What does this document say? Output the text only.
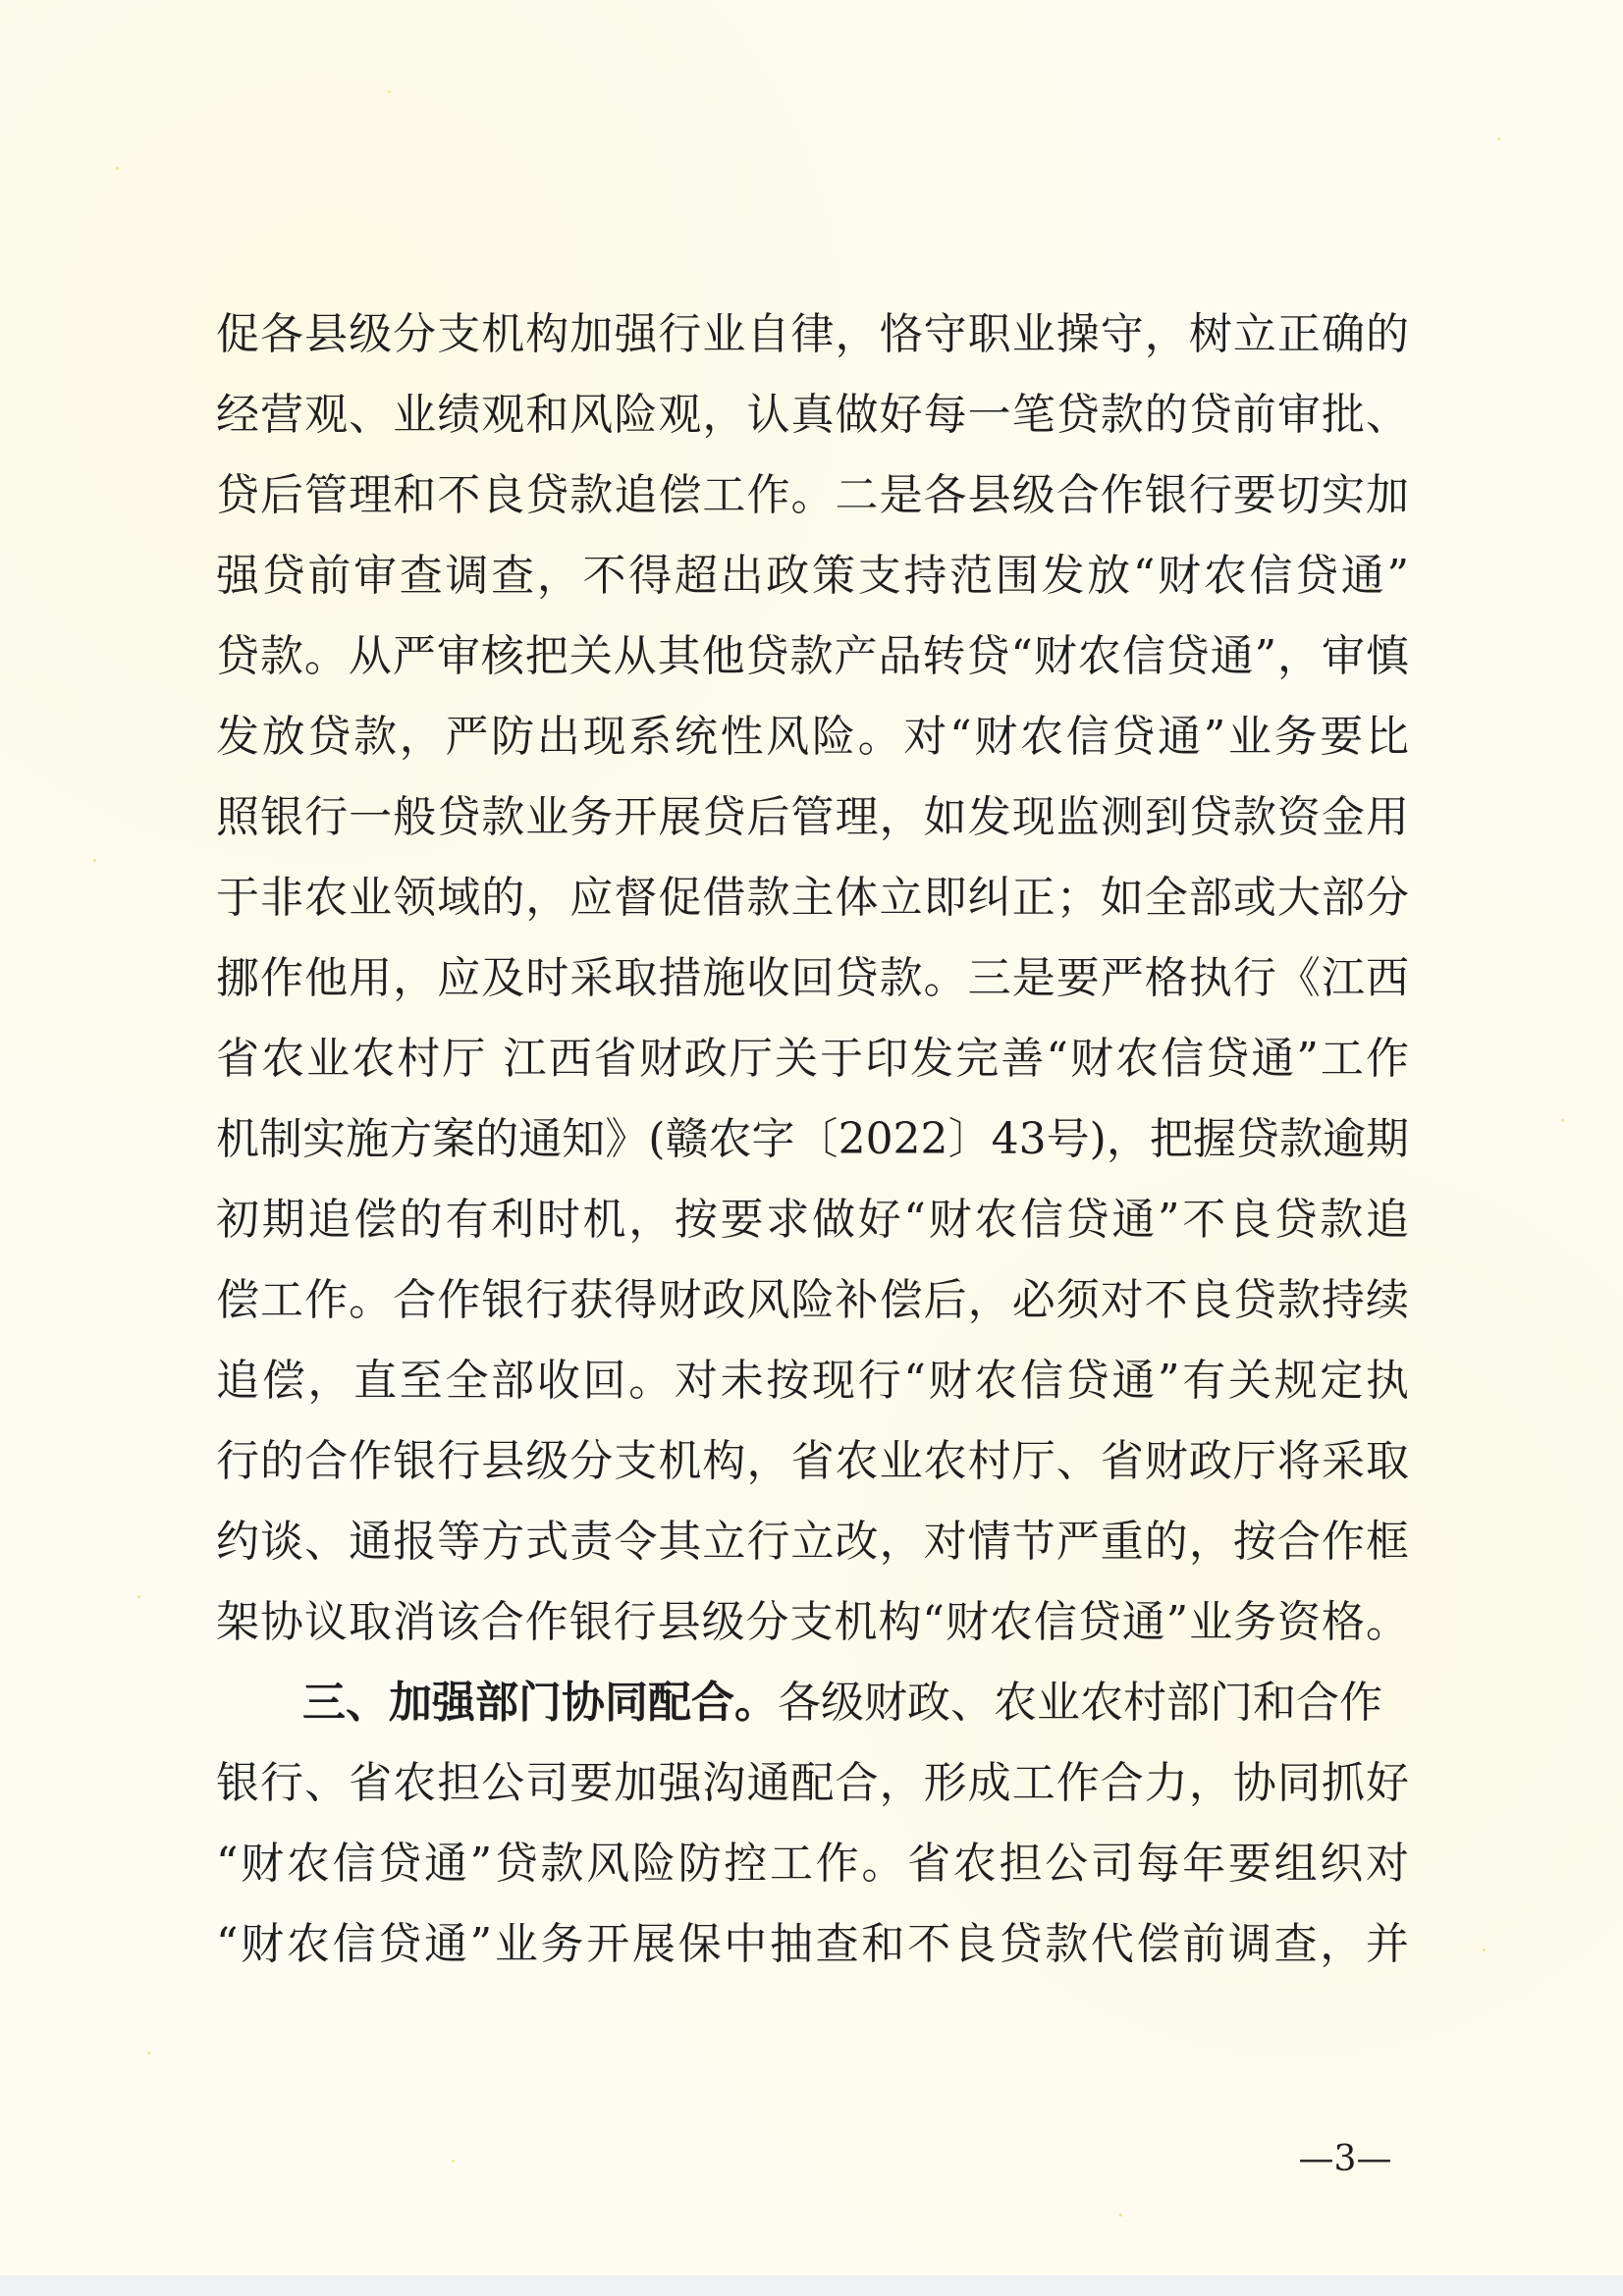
促各县级分支机构加强行业自律，恪守职业操守，树立正确的
经营观、业绩观和风险观，认真做好每一笔贷款的贷前审批、
贷后管理和不良贷款追偿工作。二是各县级合作银行要切实加
强贷前审查调查，不得超出政策支持范围发放“财农信贷通”
贷款。从严审核把关从其他贷款产品转贷“财农信贷通”，审慎
发放贷款，严防出现系统性风险。对“财农信贷通”业务要比
照银行一般贷款业务开展贷后管理，如发现监测到贷款资金用
于非农业领域的，应督促借款主体立即纠正；如全部或大部分
挪作他用，应及时采取措施收回贷款。三是要严格执行《江西
省农业农村厅 江西省财政厅关于印发完善“财农信贷通”工作
机制实施方案的通知》(赣农字〔2022〕43号)，把握贷款逾期
初期追偿的有利时机，按要求做好“财农信贷通”不良贷款追
偿工作。合作银行获得财政风险补偿后，必须对不良贷款持续
追偿，直至全部收回。对未按现行“财农信贷通”有关规定执
行的合作银行县级分支机构，省农业农村厅、省财政厅将采取
约谈、通报等方式责令其立行立改，对情节严重的，按合作框
架协议取消该合作银行县级分支机构“财农信贷通”业务资格。
三、加强部门协同配合。各级财政、农业农村部门和合作
银行、省农担公司要加强沟通配合，形成工作合力，协同抓好
“财农信贷通”贷款风险防控工作。省农担公司每年要组织对
“财农信贷通”业务开展保中抽查和不良贷款代偿前调查，并
—3—
